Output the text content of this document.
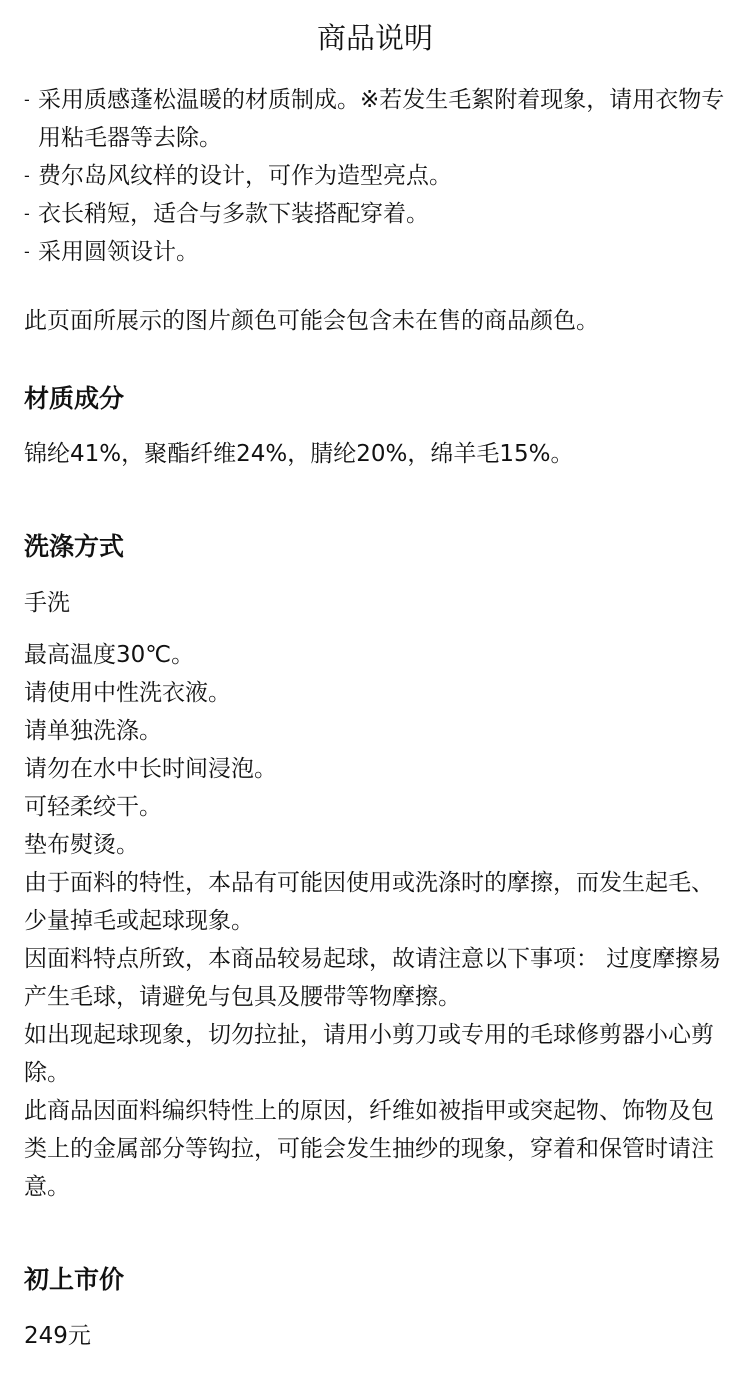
商品说明
- 采用质感蓬松温暖的材质制成。※若发生毛絮附着现象，请用衣物专用粘毛器等去除。
- 费尔岛风纹样的设计，可作为造型亮点。
- 衣长稍短，适合与多款下装搭配穿着。
- 采用圆领设计。
此页面所展示的图片颜色可能会包含未在售的商品颜色。
材质成分
锦纶41%，聚酯纤维24%，腈纶20%，绵羊毛15%。
洗涤方式
手洗
最高温度30℃。
请使用中性洗衣液。
请单独洗涤。
请勿在水中长时间浸泡。
可轻柔绞干。
垫布熨烫。
由于面料的特性，本品有可能因使用或洗涤时的摩擦，而发生起毛、少量掉毛或起球现象。
因面料特点所致，本商品较易起球，故请注意以下事项： 过度摩擦易产生毛球，请避免与包具及腰带等物摩擦。
如出现起球现象，切勿拉扯，请用小剪刀或专用的毛球修剪器小心剪除。
此商品因面料编织特性上的原因，纤维如被指甲或突起物、饰物及包类上的金属部分等钩拉，可能会发生抽纱的现象，穿着和保管时请注意。
初上市价
249元
